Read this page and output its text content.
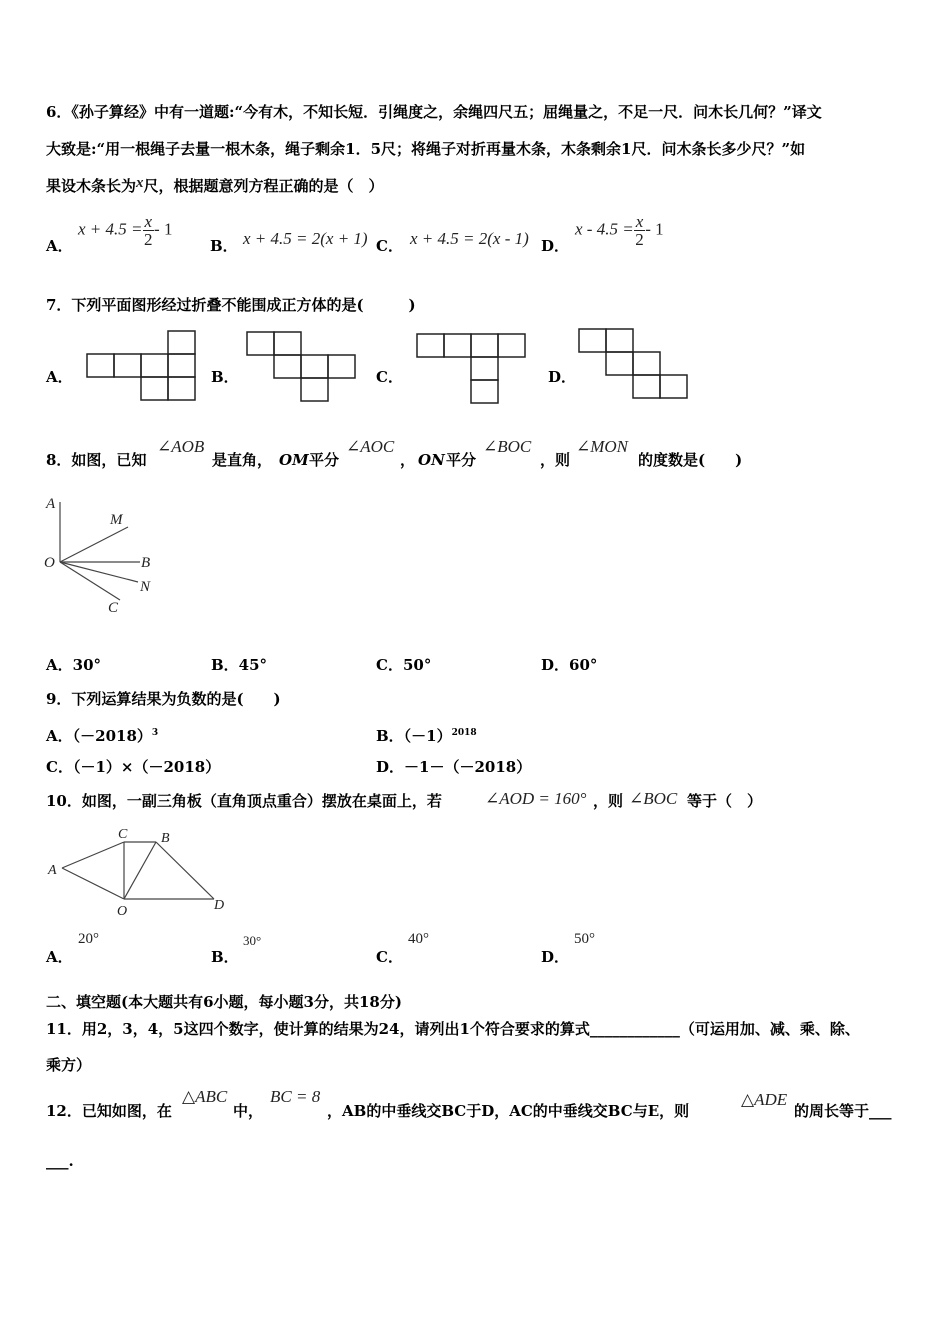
6．《孙子算经》中有一道题:“今有木，不知长短．引绳度之，余绳四尺五；屈绳量之，不足一尺．问木长几何？”译文
大致是:“用一根绳子去量一根木条，绳子剩余1．5尺；将绳子对折再量木条，木条剩余1尺．问木条长多少尺？”如
果设木条长为x尺，根据题意列方程正确的是（　）
A．
$x + 4.5 = \frac{x}{2} - 1$
B． x + 4.5 = 2(x + 1) C． x + 4.5 = 2(x - 1) D．
$x - 4.5 = \frac{x}{2} - 1$
7．下列平面图形经过折叠不能围成正方体的是(　　　)
A．	B．	C．	D．
8．如图，已知
∠AOB
是直角， OM 平分
∠AOC
， ON 平分
∠BOC
，则
∠MON
的度数是(　　)
A
M
O	B
N
C
A．30°	B．45°	C．50°	D．60°
9．下列运算结果为负数的是(　　)
A．$(-2018)^3$	B．$(-1)^{2018}$
C．（－1）×（－2018）	D．－1－（－2018）
10．如图，一副三角板（直角顶点重合）摆放在桌面上，若	∠AOD = 160° ，则 ∠BOC 等于（　）
C B
A
O	D
A．
20°
B．
30°
C．
40°
D．
50°
二、填空题(本大题共有6小题，每小题3分，共18分)
11．用2，3，4，5这四个数字，使计算的结果为24，请列出1个符合要求的算式____________（可运用加、减、乘、除、
乘方）
12．已知如图，在
△ABC
中，
BC = 8
，AB的中垂线交BC于D，AC的中垂线交BC与E，则
△ADE
的周长等于___
___.
